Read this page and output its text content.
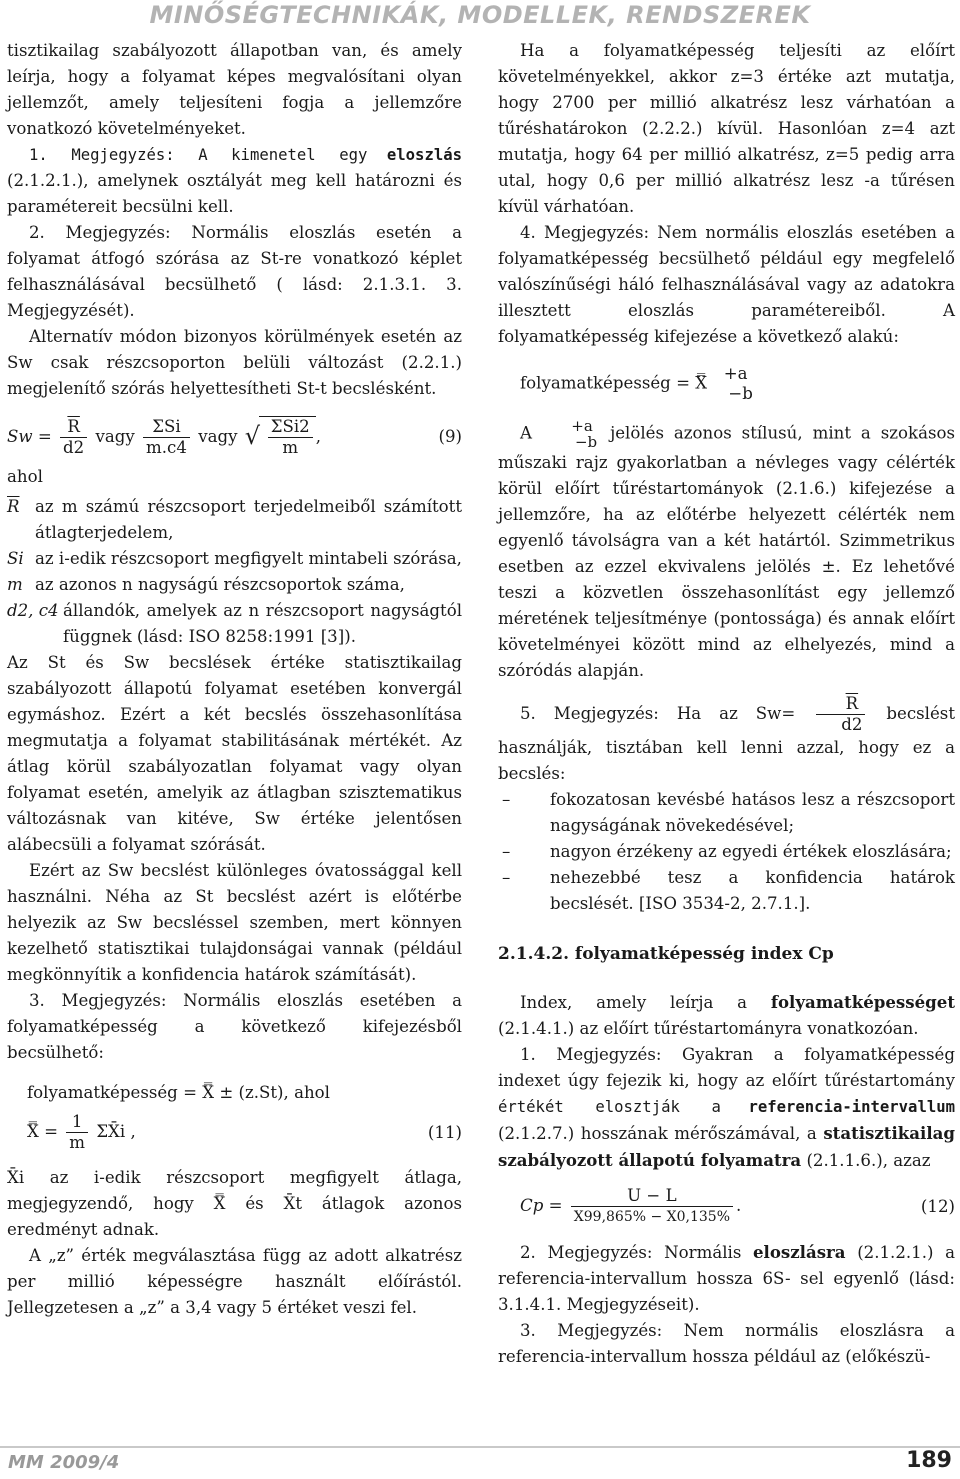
MINŐSÉGTECHNIKÁK, MODELLEK, RENDSZEREK

tisztikailag szabályozott állapotban van, és amely leírja, hogy a folyamat képes megvalósítani olyan jellemzőt, amely teljesíteni fogja a jellemzőre vonatkozó követelményeket.

1. Megjegyzés: A kimenetel egy eloszlás (2.1.2.1.), amelynek osztályát meg kell határozni és paramétereit becsülni kell.

2. Megjegyzés: Normális eloszlás esetén a folyamat átfogó szórása az St-re vonatkozó képlet felhasználásával becsülhető ( lásd: 2.1.3.1. 3. Megjegyzését).

Alternatív módon bizonyos körülmények esetén az Sw csak részcsoporton belüli változást (2.2.1.) megjelenítő szórás helyettesítheti St-t becslésként.

$Sw = \frac{\overline{R}}{d2}$ vagy $\frac{\text{ΣSi}}{m.c4}$ vagy √ $\frac{\text{ΣSi2}}{m}$ ,	(9)

ahol

$\overline{R}$ az m számú részcsoport terjedelmeiből számított átlagterjedelem,
Si az i-edik részcsoport megfigyelt mintabeli szórása,
m az azonos n nagyságú részcsoportok száma,
d2, c4 állandók, amelyek az n részcsoport nagyságtól függnek (lásd: ISO 8258:1991 [3]).

Az St és Sw becslések értéke statisztikailag szabályozott állapotú folyamat esetében konvergál egymáshoz. Ezért a két becslés összehasonlítása megmutatja a folyamat stabilitásának mértékét. Az átlag körül szabályozatlan folyamat vagy olyan folyamat esetén, amelyik az átlagban szisztematikus változásnak van kitéve, Sw értéke jelentősen alábecsüli a folyamat szórását.

Ezért az Sw becslést különleges óvatossággal kell használni. Néha az St becslést azért is előtérbe helyezik az Sw becsléssel szemben, mert könnyen kezelhető statisztikai tulajdonságai vannak (például megkönnyítik a konfidencia határok számítását).

3. Megjegyzés: Normális eloszlás esetében a folyamatképesség a következő kifejezésből becsülhető:

folyamatképesség = X̿ ± (z.St), ahol
X̿ = $\frac{1}{m}$ ΣX̄i ,	(11)

X̄i az i-edik részcsoport megfigyelt átlaga, megjegyzendő, hogy X̿ és X̄t átlagok azonos eredményt adnak.

A „z” érték megválasztása függ az adott alkatrész per millió képességre használt előírástól. Jellegzetesen a „z” a 3,4 vagy 5 értéket veszi fel.

Ha a folyamatképesség teljesíti az előírt követelményekkel, akkor z=3 értéke azt mutatja, hogy 2700 per millió alkatrész lesz várhatóan a tűréshatárokon (2.2.2.) kívül. Hasonlóan z=4 azt mutatja, hogy 64 per millió alkatrész, z=5 pedig arra utal, hogy 0,6 per millió alkatrész lesz -a tűrésen kívül várhatóan.

4. Megjegyzés: Nem normális eloszlás esetében a folyamatképesség becsülhető például egy megfelelő valószínűségi háló felhasználásával vagy az adatokra illesztett eloszlás paramétereiből. A folyamatképesség kifejezése a következő alakú:

folyamatképesség = X̿	+a
−b

A	+a
−b jelölés azonos stílusú, mint a szokásos műszaki rajz gyakorlatban a névleges vagy célérték körül előírt tűréstartományok (2.1.6.) kifejezése a jellemzőre, ha az előtérbe helyezett célérték nem egyenlő távolságra van a két határtól. Szimmetrikus esetben az ezzel ekvivalens jelölés ±. Ez lehetővé teszi a közvetlen összehasonlítást egy jellemző méretének teljesítménye (pontossága) és annak előírt követelményei között mind az elhelyezés, mind a szóródás alapján.

5. Megjegyzés: Ha az $Sw= \frac{\overline{R}}{d2}$ becslést használják, tisztában kell lenni azzal, hogy ez a becslés:

–	fokozatosan kevésbé hatásos lesz a részcsoport nagyságának növekedésével;
–	nagyon érzékeny az egyedi értékek eloszlására;
–	nehezebbé tesz a konfidencia határok becslését. [ISO 3534-2, 2.7.1.].
2.1.4.2. folyamatképesség index Cp

Index, amely leírja a folyamatképességet (2.1.4.1.) az előírt tűréstartományra vonatkozóan.

1. Megjegyzés: Gyakran a folyamatképesség indexet úgy fejezik ki, hogy az előírt tűréstartomány értékét elosztják a referencia-intervallum (2.1.2.7.) hosszának mérőszámával, a statisztikailag szabályozott állapotú folyamatra (2.1.1.6.), azaz

$Cp = \frac{U - L}{X99,865\% - X0,135\%}$ .	(12)

2. Megjegyzés: Normális eloszlásra (2.1.2.1.) a referencia-intervallum hossza 6S- sel egyenlő (lásd: 3.1.4.1. Megjegyzéseit).

3. Megjegyzés: Nem normális eloszlásra a referencia-intervallum hossza például az (előkészü-

MM 2009/4	189
